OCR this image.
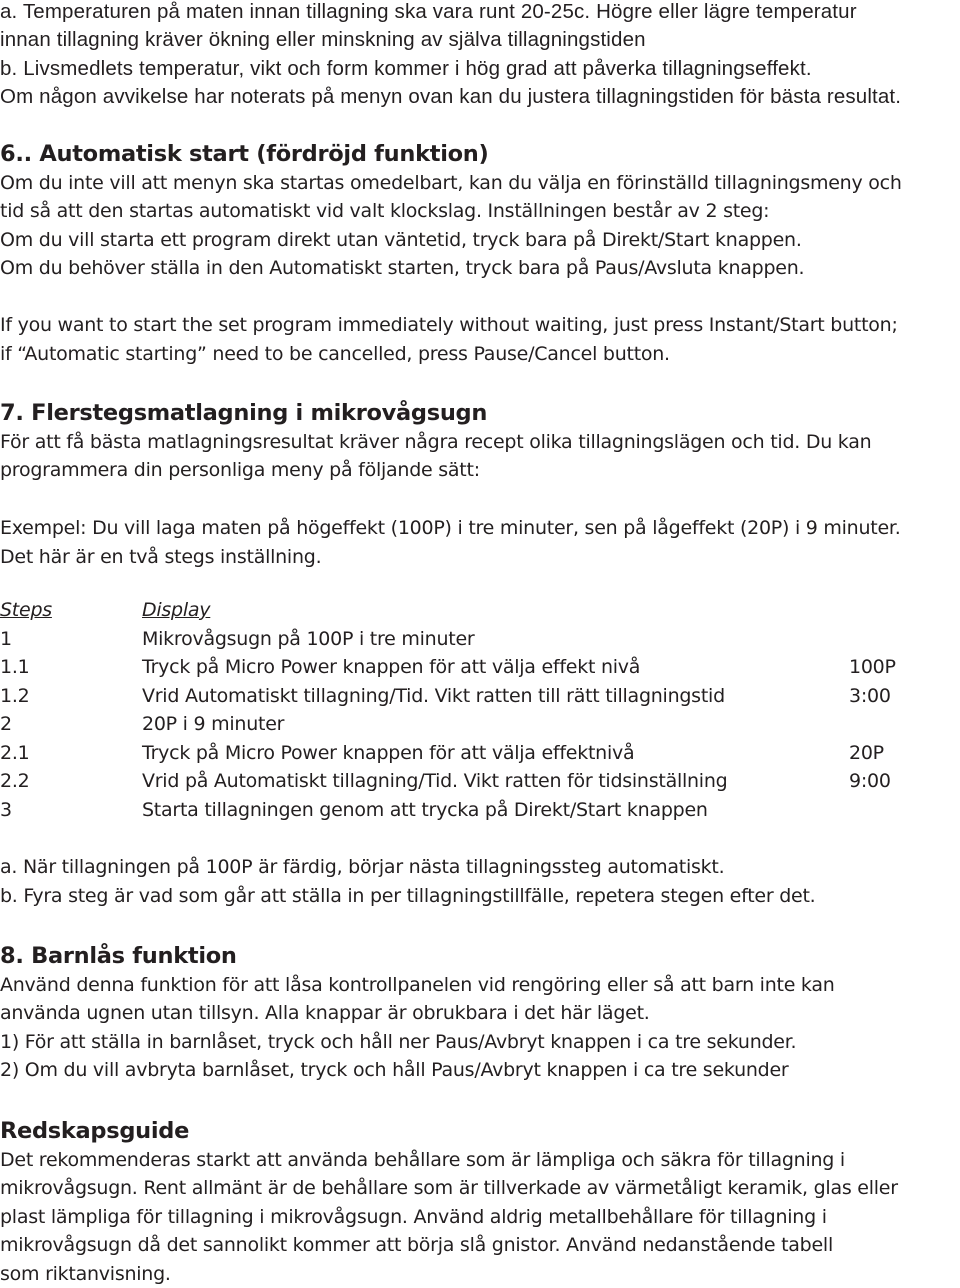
a. Temperaturen på maten innan tillagning ska vara runt 20-25c. Högre eller lägre temperatur

innan tillagning kräver ökning eller minskning av själva tillagningstiden

b. Livsmedlets temperatur, vikt och form kommer i hög grad att påverka tillagningseffekt.

Om någon avvikelse har noterats på menyn ovan kan du justera tillagningstiden för bästa resultat.

6.. Automatisk start (fördröjd funktion)

Om du inte vill att menyn ska startas omedelbart, kan du välja en förinställd tillagningsmeny och

tid så att den startas automatiskt vid valt klockslag. Inställningen består av 2 steg:

Om du vill starta ett program direkt utan väntetid, tryck bara på Direkt/Start knappen.

Om du behöver ställa in den Automatiskt starten, tryck bara på Paus/Avsluta knappen.

If you want to start the set program immediately without waiting, just press Instant/Start button;

if “Automatic starting” need to be cancelled, press Pause/Cancel button.

7. Flerstegsmatlagning i mikrovågsugn

För att få bästa matlagningsresultat kräver några recept olika tillagningslägen och tid. Du kan

programmera din personliga meny på följande sätt:

Exempel: Du vill laga maten på högeffekt (100P) i tre minuter, sen på lågeffekt (20P) i 9 minuter.

Det här är en två stegs inställning.

Steps	Display
1	Mikrovågsugn på 100P i tre minuter
1.1	Tryck på Micro Power knappen för att välja effekt nivå	100P
1.2	Vrid Automatiskt tillagning/Tid. Vikt ratten till rätt tillagningstid	3:00
2	20P i 9 minuter
2.1	Tryck på Micro Power knappen för att välja effektnivå	20P
2.2	Vrid på Automatiskt tillagning/Tid. Vikt ratten för tidsinställning	9:00
3	Starta tillagningen genom att trycka på Direkt/Start knappen

a. När tillagningen på 100P är färdig, börjar nästa tillagningssteg automatiskt.

b. Fyra steg är vad som går att ställa in per tillagningstillfälle, repetera stegen efter det.

8. Barnlås funktion

Använd denna funktion för att låsa kontrollpanelen vid rengöring eller så att barn inte kan

använda ugnen utan tillsyn. Alla knappar är obrukbara i det här läget.

1) För att ställa in barnlåset, tryck och håll ner Paus/Avbryt knappen i ca tre sekunder.

2) Om du vill avbryta barnlåset, tryck och håll Paus/Avbryt knappen i ca tre sekunder

Redskapsguide

Det rekommenderas starkt att använda behållare som är lämpliga och säkra för tillagning i

mikrovågsugn. Rent allmänt är de behållare som är tillverkade av värmetåligt keramik, glas eller

plast lämpliga för tillagning i mikrovågsugn. Använd aldrig metallbehållare för tillagning i

mikrovågsugn då det sannolikt kommer att börja slå gnistor. Använd nedanstående tabell

som riktanvisning.
